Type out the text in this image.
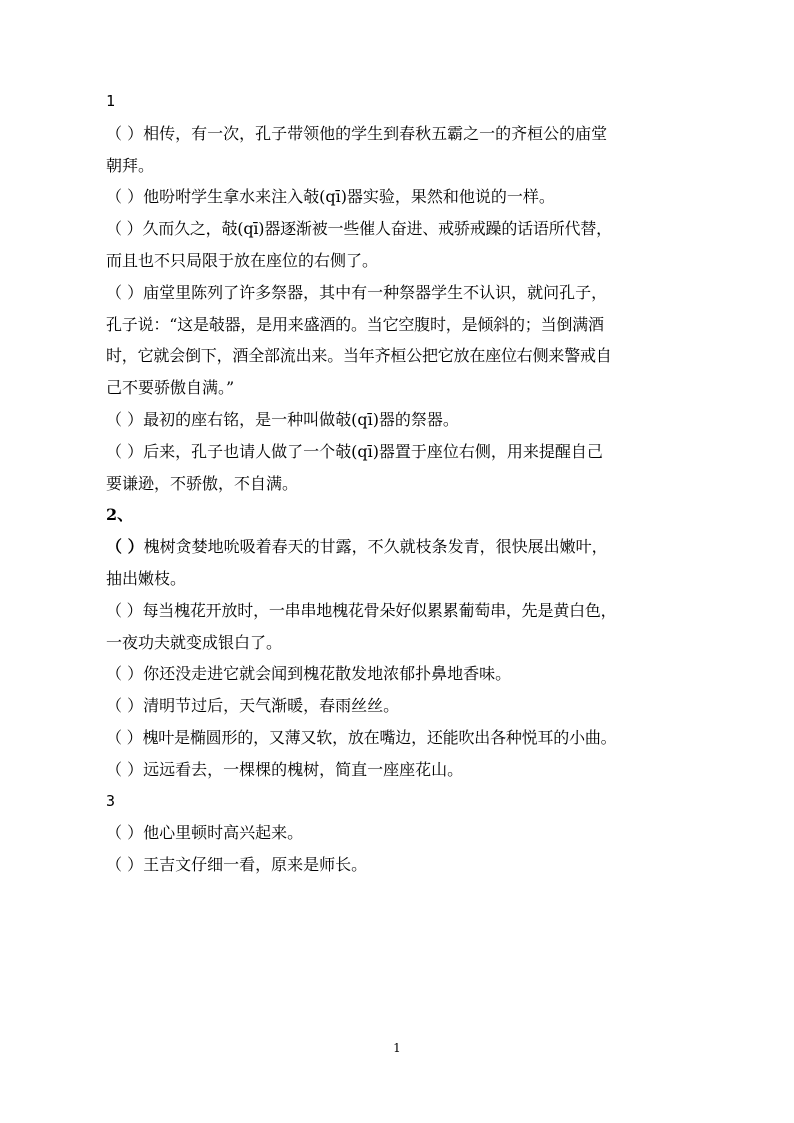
1
（ ）相传，有一次，孔子带领他的学生到春秋五霸之一的齐桓公的庙堂
朝拜。
（ ）他吩咐学生拿水来注入攲(qī)器实验，果然和他说的一样。
（ ）久而久之，攲(qī)器逐渐被一些催人奋进、戒骄戒躁的话语所代替，
而且也不只局限于放在座位的右侧了。
（ ）庙堂里陈列了许多祭器，其中有一种祭器学生不认识，就问孔子，
孔子说：“这是攲器，是用来盛酒的。当它空腹时，是倾斜的；当倒满酒
时，它就会倒下，酒全部流出来。当年齐桓公把它放在座位右侧来警戒自
己不要骄傲自满。”
（ ）最初的座右铭，是一种叫做攲(qī)器的祭器。
（ ）后来，孔子也请人做了一个攲(qī)器置于座位右侧，用来提醒自己
要谦逊，不骄傲，不自满。
2、
（ ）槐树贪婪地吮吸着春天的甘露，不久就枝条发青，很快展出嫩叶，
抽出嫩枝。
（ ）每当槐花开放时，一串串地槐花骨朵好似累累葡萄串，先是黄白色，
一夜功夫就变成银白了。
（ ）你还没走进它就会闻到槐花散发地浓郁扑鼻地香味。
（ ）清明节过后，天气渐暖，春雨丝丝。
（ ）槐叶是椭圆形的，又薄又软，放在嘴边，还能吹出各种悦耳的小曲。
（ ）远远看去，一棵棵的槐树，简直一座座花山。
3
（ ）他心里顿时高兴起来。
（ ）王吉文仔细一看，原来是师长。
1
